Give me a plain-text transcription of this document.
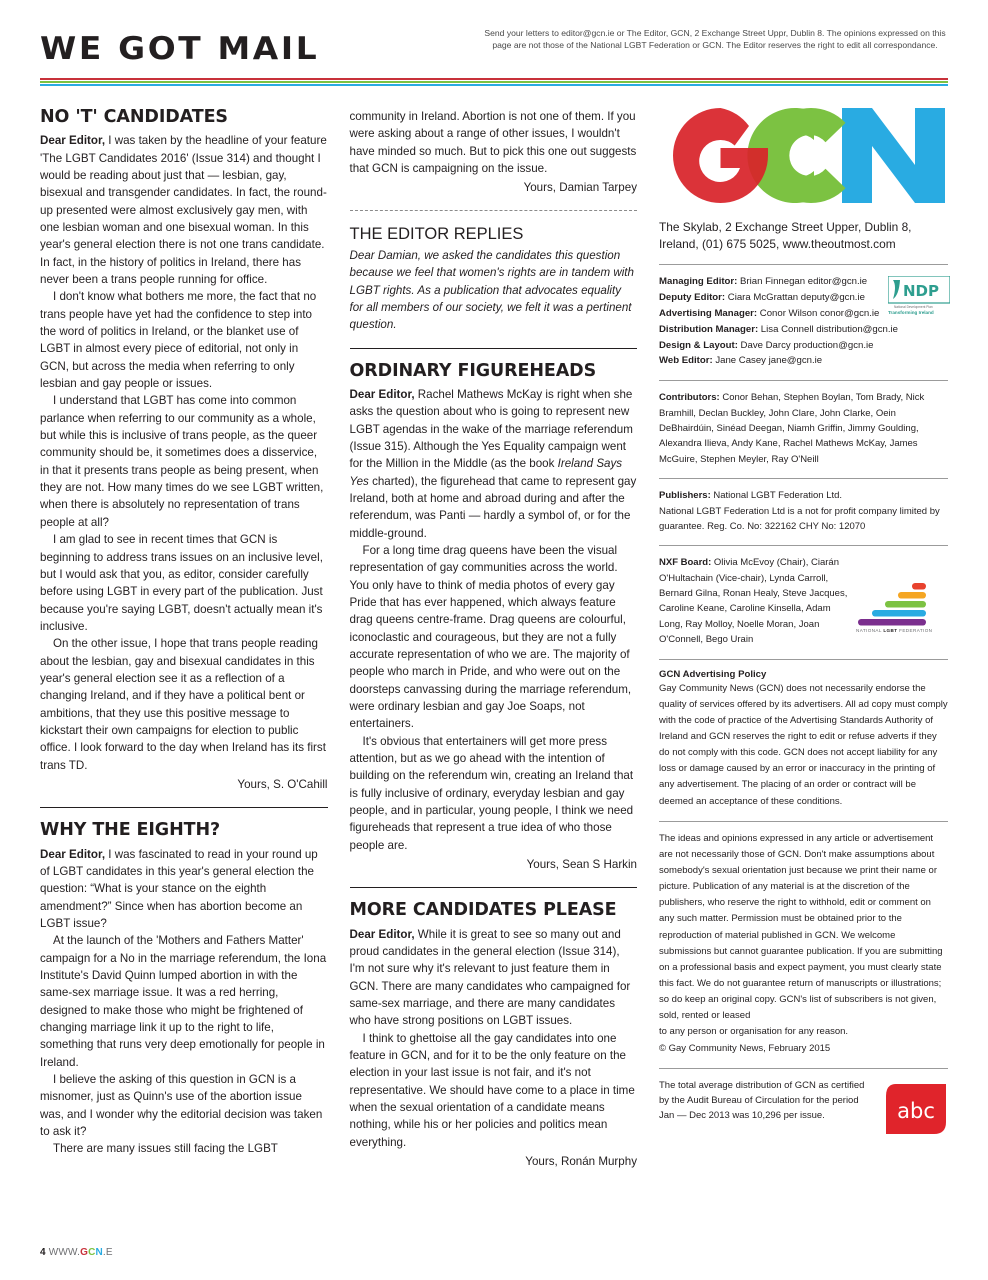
WE GOT MAIL	Send your letters to editor@gcn.ie or The Editor, GCN, 2 Exchange Street Uppr, Dublin 8. The opinions expressed on this page are not those of the National LGBT Federation or GCN. The Editor reserves the right to edit all correspondance.
NO 'T' CANDIDATES

Dear Editor, I was taken by the headline of your feature 'The LGBT Candidates 2016' (Issue 314) and thought I would be reading about just that — lesbian, gay, bisexual and transgender candidates. In fact, the round-up presented were almost exclusively gay men, with one lesbian woman and one bisexual woman. In this year's general election there is not one trans candidate. In fact, in the history of politics in Ireland, there has never been a trans people running for office.

I don't know what bothers me more, the fact that no trans people have yet had the confidence to step into the word of politics in Ireland, or the blanket use of LGBT in almost every piece of editorial, not only in GCN, but across the media when referring to only lesbian and gay people or issues.

I understand that LGBT has come into common parlance when referring to our community as a whole, but while this is inclusive of trans people, as the queer community should be, it sometimes does a disservice, in that it presents trans people as being present, when they are not. How many times do we see LGBT written, when there is absolutely no representation of trans people at all?

I am glad to see in recent times that GCN is beginning to address trans issues on an inclusive level, but I would ask that you, as editor, consider carefully before using LGBT in every part of the publication. Just because you're saying LGBT, doesn't actually mean it's inclusive.

On the other issue, I hope that trans people reading about the lesbian, gay and bisexual candidates in this year's general election see it as a reflection of a changing Ireland, and if they have a political bent or ambitions, that they use this positive message to kickstart their own campaigns for election to public office. I look forward to the day when Ireland has its first trans TD.

Yours, S. O'Cahill

WHY THE EIGHTH?

Dear Editor, I was fascinated to read in your round up of LGBT candidates in this year's general election the question: “What is your stance on the eighth amendment?” Since when has abortion become an LGBT issue?

At the launch of the 'Mothers and Fathers Matter' campaign for a No in the marriage referendum, the Iona Institute's David Quinn lumped abortion in with the same-sex marriage issue. It was a red herring, designed to make those who might be frightened of changing marriage link it up to the right to life, something that runs very deep emotionally for people in Ireland.

I believe the asking of this question in GCN is a misnomer, just as Quinn's use of the abortion issue was, and I wonder why the editorial decision was taken to ask it?

There are many issues still facing the LGBT

community in Ireland. Abortion is not one of them. If you were asking about a range of other issues, I wouldn't have minded so much. But to pick this one out suggests that GCN is campaigning on the issue.

Yours, Damian Tarpey

THE EDITOR REPLIES

Dear Damian, we asked the candidates this question because we feel that women's rights are in tandem with LGBT rights. As a publication that advocates equality for all members of our society, we felt it was a pertinent question.

ORDINARY FIGUREHEADS

Dear Editor, Rachel Mathews McKay is right when she asks the question about who is going to represent new LGBT agendas in the wake of the marriage referendum (Issue 315). Although the Yes Equality campaign went for the Million in the Middle (as the book Ireland Says Yes charted), the figurehead that came to represent gay Ireland, both at home and abroad during and after the referendum, was Panti — hardly a symbol of, or for the middle-ground.

For a long time drag queens have been the visual representation of gay communities across the world. You only have to think of media photos of every gay Pride that has ever happened, which always feature drag queens centre-frame. Drag queens are colourful, iconoclastic and courageous, but they are not a fully accurate representation of who we are. The majority of people who march in Pride, and who were out on the doorsteps canvassing during the marriage referendum, were ordinary lesbian and gay Joe Soaps, not entertainers.

It's obvious that entertainers will get more press attention, but as we go ahead with the intention of building on the referendum win, creating an Ireland that is fully inclusive of ordinary, everyday lesbian and gay people, and in particular, young people, I think we need figureheads that represent a true idea of who those people are.

Yours, Sean S Harkin

MORE CANDIDATES PLEASE

Dear Editor, While it is great to see so many out and proud candidates in the general election (Issue 314), I'm not sure why it's relevant to just feature them in GCN. There are many candidates who campaigned for same-sex marriage, and there are many candidates who have strong positions on LGBT issues.

I think to ghettoise all the gay candidates into one feature in GCN, and for it to be the only feature on the election in your last issue is not fair, and it's not representative. We should have come to a place in time when the sexual orientation of a candidate means nothing, while his or her policies and politics mean everything.

Yours, Ronán Murphy

The Skylab, 2 Exchange Street Upper, Dublin 8, Ireland, (01) 675 5025, www.theoutmost.com
Managing Editor: Brian Finnegan editor@gcn.ie
Deputy Editor: Ciara McGrattan deputy@gcn.ie
Advertising Manager: Conor Wilson conor@gcn.ie
Distribution Manager: Lisa Connell distribution@gcn.ie
Design & Layout: Dave Darcy production@gcn.ie
Web Editor: Jane Casey jane@gcn.ie
NDP
National Development Plan
Transforming Ireland

Contributors: Conor Behan, Stephen Boylan, Tom Brady, Nick Bramhill, Declan Buckley, John Clare, John Clarke, Oein DeBhairdúin, Sinéad Deegan, Niamh Griffin, Jimmy Goulding, Alexandra Ilieva, Andy Kane, Rachel Mathews McKay, James McGuire, Stephen Meyler, Ray O'Neill

Publishers: National LGBT Federation Ltd.

National LGBT Federation Ltd is a not for profit company limited by guarantee. Reg. Co. No: 322162 CHY No: 12070

NXF Board: Olivia McEvoy (Chair), Ciarán O'Hultachain (Vice-chair), Lynda Carroll, Bernard Gilna, Ronan Healy, Steve Jacques, Caroline Keane, Caroline Kinsella, Adam Long, Ray Molloy, Noelle Moran, Joan O'Connell, Bego Urain

NATIONAL LGBT FEDERATION

GCN Advertising Policy

Gay Community News (GCN) does not necessarily endorse the quality of services offered by its advertisers. All ad copy must comply with the code of practice of the Advertising Standards Authority of Ireland and GCN reserves the right to edit or refuse adverts if they do not comply with this code. GCN does not accept liability for any loss or damage caused by an error or inaccuracy in the printing of any advertisement. The placing of an order or contract will be deemed an acceptance of these conditions.

The ideas and opinions expressed in any article or advertisement are not necessarily those of GCN. Don't make assumptions about somebody's sexual orientation just because we print their name or picture. Publication of any material is at the discretion of the publishers, who reserve the right to withhold, edit or comment on any such matter. Permission must be obtained prior to the reproduction of material published in GCN. We welcome submissions but cannot guarantee publication. If you are submitting on a professional basis and expect payment, you must clearly state this fact. We do not guarantee return of manuscripts or illustrations; so do keep an original copy. GCN's list of subscribers is not given, sold, rented or leased

to any person or organisation for any reason.

© Gay Community News, February 2015

The total average distribution of GCN as certified by the Audit Bureau of Circulation for the period Jan — Dec 2013 was 10,296 per issue.	abc
4 WWW.GCN.E
